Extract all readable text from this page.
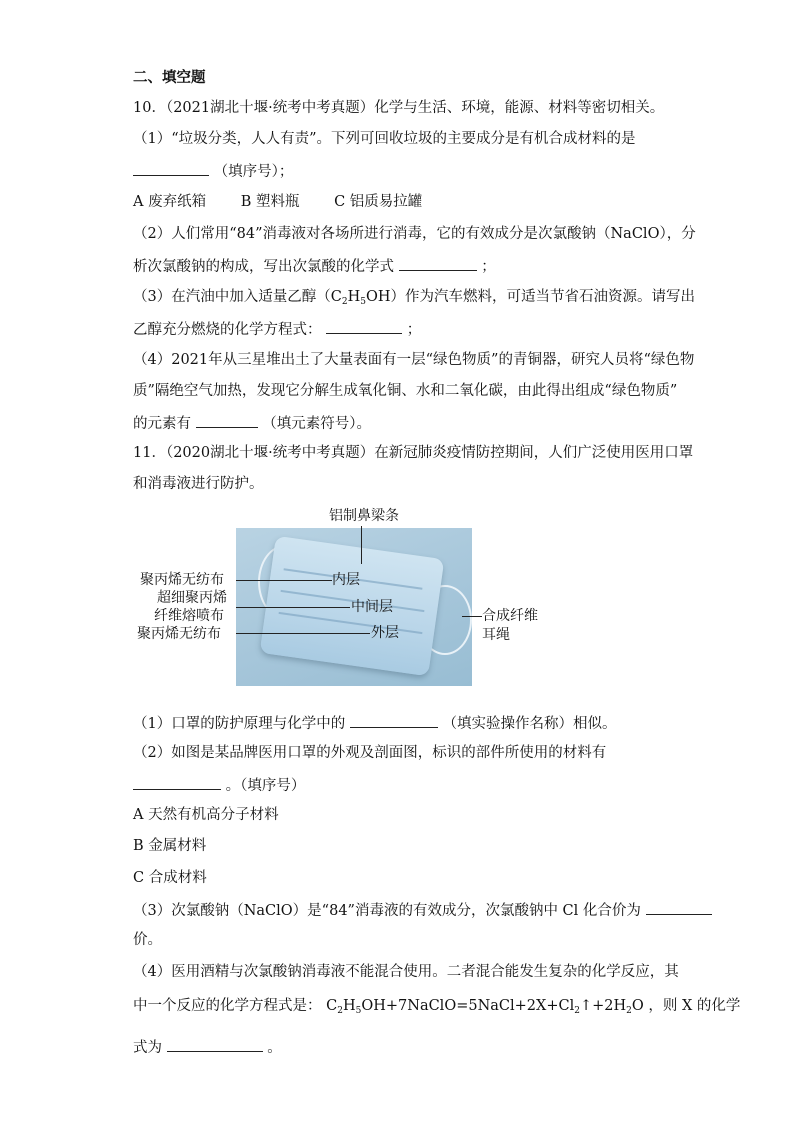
二、填空题
10．（2021湖北十堰·统考中考真题）化学与生活、环境，能源、材料等密切相关。
（1）“垃圾分类，人人有责”。下列可回收垃圾的主要成分是有机合成材料的是
（填序号）；
A 废弃纸箱 B 塑料瓶 C 铝质易拉罐
（2）人们常用“84”消毒液对各场所进行消毒，它的有效成分是次氯酸钠（NaClO），分
析次氯酸钠的构成，写出次氯酸的化学式	；
（3）在汽油中加入适量乙醇$(C_2H_5OH)$作为汽车燃料，可适当节省石油资源。请写出
乙醇充分燃烧的化学方程式：	；
（4）2021年从三星堆出土了大量表面有一层“绿色物质”的青铜器，研究人员将“绿色物
质”隔绝空气加热，发现它分解生成氧化铜、水和二氧化碳，由此得出组成“绿色物质”
的元素有	（填元素符号）。
11．（2020湖北十堰·统考中考真题）在新冠肺炎疫情防控期间，人们广泛使用医用口罩
和消毒液进行防护。
铝制鼻梁条
聚丙烯无纺布	内层
超细聚丙烯
纤维熔喷布
中间层
聚丙烯无纺布	外层
合成纤维
耳绳
（1）口罩的防护原理与化学中的	（填实验操作名称）相似。
（2）如图是某品牌医用口罩的外观及剖面图，标识的部件所使用的材料有
。（填序号）
A 天然有机高分子材料
B 金属材料
C 合成材料
（3）次氯酸钠（NaClO）是“84”消毒液的有效成分，次氯酸钠中 Cl 化合价为
价。
（4）医用酒精与次氯酸钠消毒液不能混合使用。二者混合能发生复杂的化学反应，其
中一个反应的化学方程式是： $C_2H_5OH+7NaClO=5NaCl+2X+Cl_2↑+2H_2O$ ，则 X 的化学
式为	。
